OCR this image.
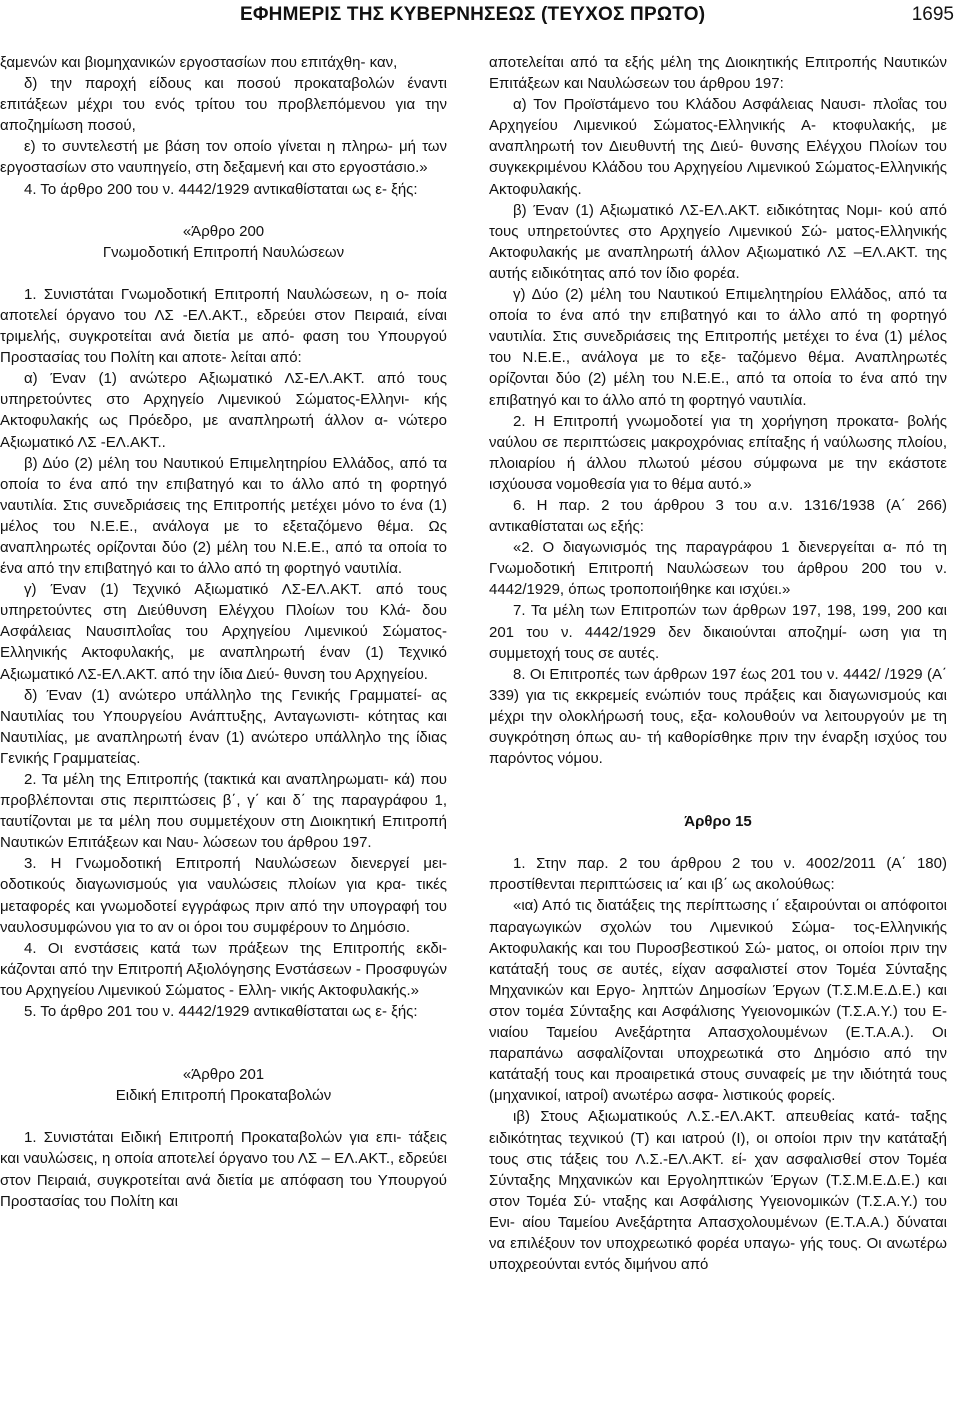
ΕΦΗΜΕΡΙΣ ΤΗΣ ΚΥΒΕΡΝΗΣΕΩΣ (ΤΕΥΧΟΣ ΠΡΩΤΟ)	1695

ξαμενών και βιομηχανικών εργοστασίων που επιτάχθη- καν,

δ) την παροχή είδους και ποσού προκαταβολών έναντι επιτάξεων μέχρι του ενός τρίτου του προβλεπόμενου για την αποζημίωση ποσού,

ε) το συντελεστή με βάση τον οποίο γίνεται η πληρω- μή των εργοστασίων στο ναυπηγείο, στη δεξαμενή και στο εργοστάσιο.»

4. Το άρθρο 200 του ν. 4442/1929 αντικαθίσταται ως ε- ξής:

«Άρθρο 200

Γνωμοδοτική Επιτροπή Ναυλώσεων

1. Συνιστάται Γνωμοδοτική Επιτροπή Ναυλώσεων, η ο- ποία αποτελεί όργανο του ΛΣ -ΕΛ.ΑΚΤ., εδρεύει στον Πειραιά, είναι τριμελής, συγκροτείται ανά διετία με από- φαση του Υπουργού Προστασίας του Πολίτη και αποτε- λείται από:

α) Έναν (1) ανώτερο Αξιωματικό ΛΣ-ΕΛ.ΑΚΤ. από τους υπηρετούντες στο Αρχηγείο Λιμενικού Σώματος-Ελληνι- κής Ακτοφυλακής ως Πρόεδρο, με αναπληρωτή άλλον α- νώτερο Αξιωματικό ΛΣ -ΕΛ.ΑΚΤ..

β) Δύο (2) μέλη του Ναυτικού Επιμελητηρίου Ελλάδος, από τα οποία το ένα από την επιβατηγό και το άλλο από τη φορτηγό ναυτιλία. Στις συνεδριάσεις της Επιτροπής μετέχει μόνο το ένα (1) μέλος του Ν.Ε.Ε., ανάλογα με το εξεταζόμενο θέμα. Ως αναπληρωτές ορίζονται δύο (2) μέλη του Ν.Ε.Ε., από τα οποία το ένα από την επιβατηγό και το άλλο από τη φορτηγό ναυτιλία.

γ) Έναν (1) Τεχνικό Αξιωματικό ΛΣ-ΕΛ.ΑΚΤ. από τους υπηρετούντες στη Διεύθυνση Ελέγχου Πλοίων του Κλά- δου Ασφάλειας Ναυσιπλοΐας του Αρχηγείου Λιμενικού Σώματος-Ελληνικής Ακτοφυλακής, με αναπληρωτή έναν (1) Τεχνικό Αξιωματικό ΛΣ-ΕΛ.ΑΚΤ. από την ίδια Διεύ- θυνση του Αρχηγείου.

δ) Έναν (1) ανώτερο υπάλληλο της Γενικής Γραμματεί- ας Ναυτιλίας του Υπουργείου Ανάπτυξης, Ανταγωνιστι- κότητας και Ναυτιλίας, με αναπληρωτή έναν (1) ανώτερο υπάλληλο της ίδιας Γενικής Γραμματείας.

2. Τα μέλη της Επιτροπής (τακτικά και αναπληρωματι- κά) που προβλέπονται στις περιπτώσεις β΄, γ΄ και δ΄ της παραγράφου 1, ταυτίζονται με τα μέλη που συμμετέχουν στη Διοικητική Επιτροπή Ναυτικών Επιτάξεων και Ναυ- λώσεων του άρθρου 197.

3. Η Γνωμοδοτική Επιτροπή Ναυλώσεων διενεργεί μει- οδοτικούς διαγωνισμούς για ναυλώσεις πλοίων για κρα- τικές μεταφορές και γνωμοδοτεί εγγράφως πριν από την υπογραφή του ναυλοσυμφώνου για το αν οι όροι του συμφέρουν το Δημόσιο.

4. Οι ενστάσεις κατά των πράξεων της Επιτροπής εκδι- κάζονται από την Επιτροπή Αξιολόγησης Ενστάσεων - Προσφυγών του Αρχηγείου Λιμενικού Σώματος - Ελλη- νικής Ακτοφυλακής.»

5. Το άρθρο 201 του ν. 4442/1929 αντικαθίσταται ως ε- ξής:

«Άρθρο 201

Ειδική Επιτροπή Προκαταβολών

1. Συνιστάται Ειδική Επιτροπή Προκαταβολών για επι- τάξεις και ναυλώσεις, η οποία αποτελεί όργανο του ΛΣ – ΕΛ.ΑΚΤ., εδρεύει στον Πειραιά, συγκροτείται ανά διετία με απόφαση του Υπουργού Προστασίας του Πολίτη και

αποτελείται από τα εξής μέλη της Διοικητικής Επιτροπής Ναυτικών Επιτάξεων και Ναυλώσεων του άρθρου 197:

α) Τον Προϊστάμενο του Κλάδου Ασφάλειας Ναυσι- πλοΐας του Αρχηγείου Λιμενικού Σώματος-Ελληνικής Α- κτοφυλακής, με αναπληρωτή τον Διευθυντή της Διεύ- θυνσης Ελέγχου Πλοίων του συγκεκριμένου Κλάδου του Αρχηγείου Λιμενικού Σώματος-Ελληνικής Ακτοφυλακής.

β) Έναν (1) Αξιωματικό ΛΣ-ΕΛ.ΑΚΤ. ειδικότητας Νομι- κού από τους υπηρετούντες στο Αρχηγείο Λιμενικού Σώ- ματος-Ελληνικής Ακτοφυλακής με αναπληρωτή άλλον Αξιωματικό ΛΣ –ΕΛ.ΑΚΤ. της αυτής ειδικότητας από τον ίδιο φορέα.

γ) Δύο (2) μέλη του Ναυτικού Επιμελητηρίου Ελλάδος, από τα οποία το ένα από την επιβατηγό και το άλλο από τη φορτηγό ναυτιλία. Στις συνεδριάσεις της Επιτροπής μετέχει το ένα (1) μέλος του Ν.Ε.Ε., ανάλογα με το εξε- ταζόμενο θέμα. Αναπληρωτές ορίζονται δύο (2) μέλη του Ν.Ε.Ε., από τα οποία το ένα από την επιβατηγό και το άλλο από τη φορτηγό ναυτιλία.

2. Η Επιτροπή γνωμοδοτεί για τη χορήγηση προκατα- βολής ναύλου σε περιπτώσεις μακροχρόνιας επίταξης ή ναύλωσης πλοίου, πλοιαρίου ή άλλου πλωτού μέσου σύμφωνα με την εκάστοτε ισχύουσα νομοθεσία για το θέμα αυτό.»

6. Η παρ. 2 του άρθρου 3 του α.ν. 1316/1938 (Α΄ 266) αντικαθίσταται ως εξής:

«2. Ο διαγωνισμός της παραγράφου 1 διενεργείται α- πό τη Γνωμοδοτική Επιτροπή Ναυλώσεων του άρθρου 200 του ν. 4442/1929, όπως τροποποιήθηκε και ισχύει.»

7. Τα μέλη των Επιτροπών των άρθρων 197, 198, 199, 200 και 201 του ν. 4442/1929 δεν δικαιούνται αποζημί- ωση για τη συμμετοχή τους σε αυτές.

8. Οι Επιτροπές των άρθρων 197 έως 201 του ν. 4442/ /1929 (Α΄ 339) για τις εκκρεμείς ενώπιόν τους πράξεις και διαγωνισμούς και μέχρι την ολοκλήρωσή τους, εξα- κολουθούν να λειτουργούν με τη συγκρότηση όπως αυ- τή καθορίσθηκε πριν την έναρξη ισχύος του παρόντος νόμου.

Άρθρο 15

1. Στην παρ. 2 του άρθρου 2 του ν. 4002/2011 (Α΄ 180) προστίθενται περιπτώσεις ια΄ και ιβ΄ ως ακολούθως:

«ια) Από τις διατάξεις της περίπτωσης ι΄ εξαιρούνται οι απόφοιτοι παραγωγικών σχολών του Λιμενικού Σώμα- τος-Ελληνικής Ακτοφυλακής και του Πυροσβεστικού Σώ- ματος, οι οποίοι πριν την κατάταξή τους σε αυτές, είχαν ασφαλιστεί στον Τομέα Σύνταξης Μηχανικών και Εργο- ληπτών Δημοσίων Έργων (Τ.Σ.Μ.Ε.Δ.Ε.) και στον τομέα Σύνταξης και Ασφάλισης Υγειονομικών (Τ.Σ.Α.Υ.) του Ε- νιαίου Ταμείου Ανεξάρτητα Απασχολουμένων (Ε.Τ.Α.Α.). Οι παραπάνω ασφαλίζονται υποχρεωτικά στο Δημόσιο από την κατάταξή τους και προαιρετικά στους συναφείς με την ιδιότητά τους (μηχανικοί, ιατροί) ανωτέρω ασφα- λιστικούς φορείς.

ιβ) Στους Αξιωματικούς Λ.Σ.-ΕΛ.ΑΚΤ. απευθείας κατά- ταξης ειδικότητας τεχνικού (Τ) και ιατρού (Ι), οι οποίοι πριν την κατάταξή τους στις τάξεις του Λ.Σ.-ΕΛ.ΑΚΤ. εί- χαν ασφαλισθεί στον Τομέα Σύνταξης Μηχανικών και Εργοληπτικών Έργων (Τ.Σ.Μ.Ε.Δ.Ε.) και στον Τομέα Σύ- νταξης και Ασφάλισης Υγειονομικών (Τ.Σ.Α.Υ.) του Ενι- αίου Ταμείου Ανεξάρτητα Απασχολουμένων (Ε.Τ.Α.Α.) δύναται να επιλέξουν τον υποχρεωτικό φορέα υπαγω- γής τους. Οι ανωτέρω υποχρεούνται εντός διμήνου από
